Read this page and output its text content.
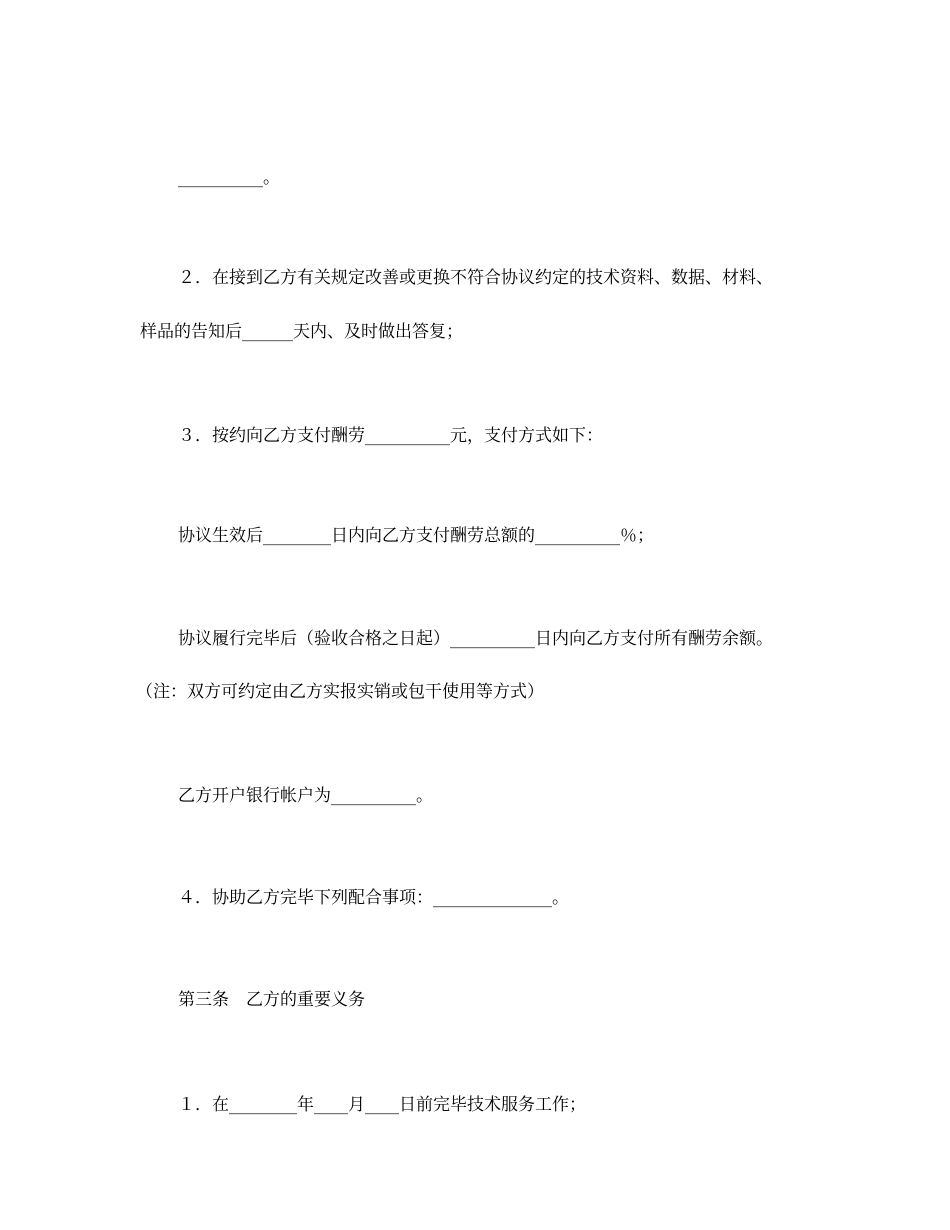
__________。
２．在接到乙方有关规定改善或更换不符合协议约定的技术资料、数据、材料、
样品的告知后______天内、及时做出答复；
３．按约向乙方支付酬劳__________元，支付方式如下：
协议生效后________日内向乙方支付酬劳总额的__________％；
协议履行完毕后（验收合格之日起）__________日内向乙方支付所有酬劳余额。
（注：双方可约定由乙方实报实销或包干使用等方式）
乙方开户银行帐户为__________。
４．协助乙方完毕下列配合事项：______________。
第三条　乙方的重要义务
１．在________年____月____日前完毕技术服务工作；
